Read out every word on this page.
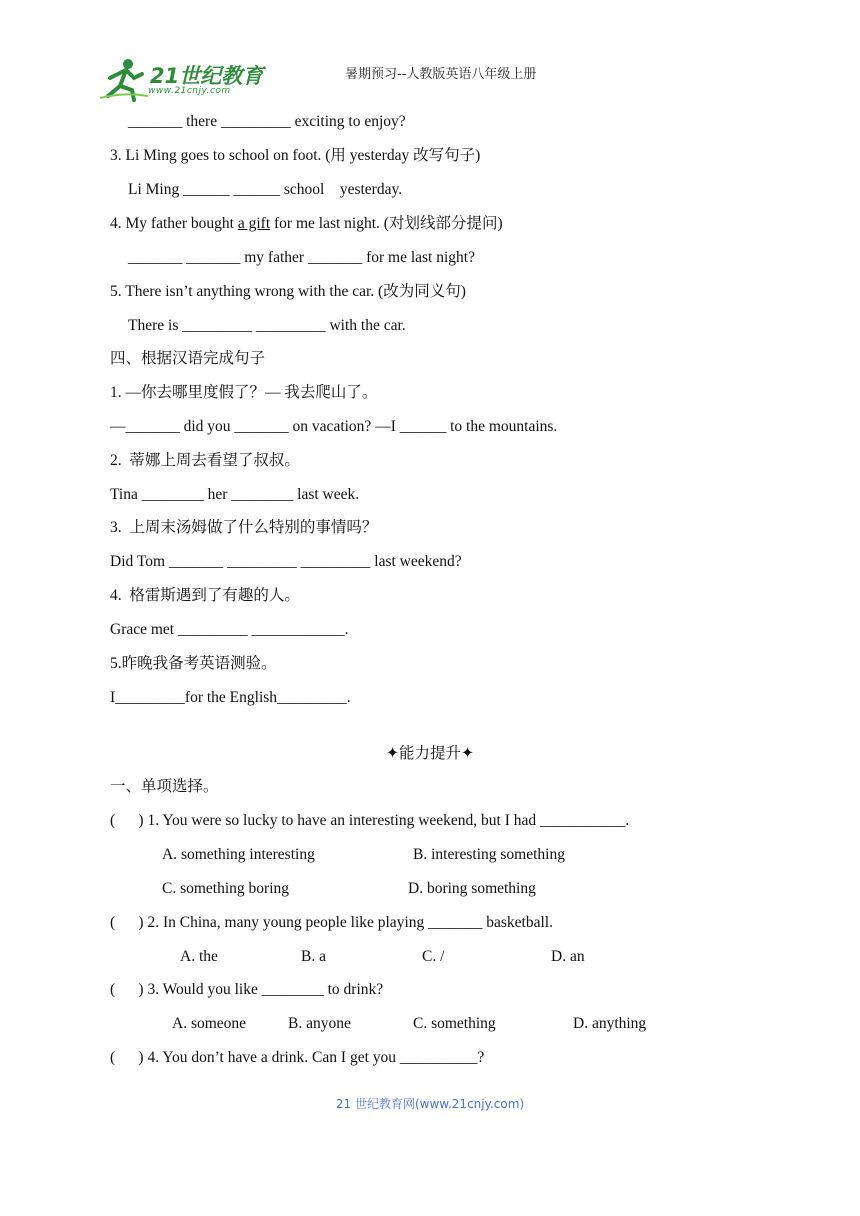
21世纪教育
www.21cnjy.com
暑期预习--人教版英语八年级上册
_______ there _________ exciting to enjoy?
3. Li Ming goes to school on foot. (用 yesterday 改写句子)
Li Ming ______ ______ school    yesterday.
4. My father bought a gift for me last night. (对划线部分提问)
_______ _______ my father _______ for me last night?
5. There isn’t anything wrong with the car. (改为同义句)
There is _________ _________ with the car.
四、根据汉语完成句子
1. —你去哪里度假了？— 我去爬山了。
—_______ did you _______ on vacation? —I ______ to the mountains.
2.  蒂娜上周去看望了叔叔。
Tina ________ her ________ last week.
3.  上周末汤姆做了什么特别的事情吗？
Did Tom _______ _________ _________ last weekend?
4.  格雷斯遇到了有趣的人。
Grace met _________ ____________.
5.昨晚我备考英语测验。
I_________for the English_________.
✦能力提升✦
一、单项选择。
(      ) 1. You were so lucky to have an interesting weekend, but I had ___________.
A. something interesting	B. interesting something
C. something boring	D. boring something
(      ) 2. In China, many young people like playing _______ basketball.
A. the	B. a	C. /	D. an
(      ) 3. Would you like ________ to drink?
A. someone	B. anyone	C. something	D. anything
(      ) 4. You don’t have a drink. Can I get you __________?
21 世纪教育网(www.21cnjy.com)
